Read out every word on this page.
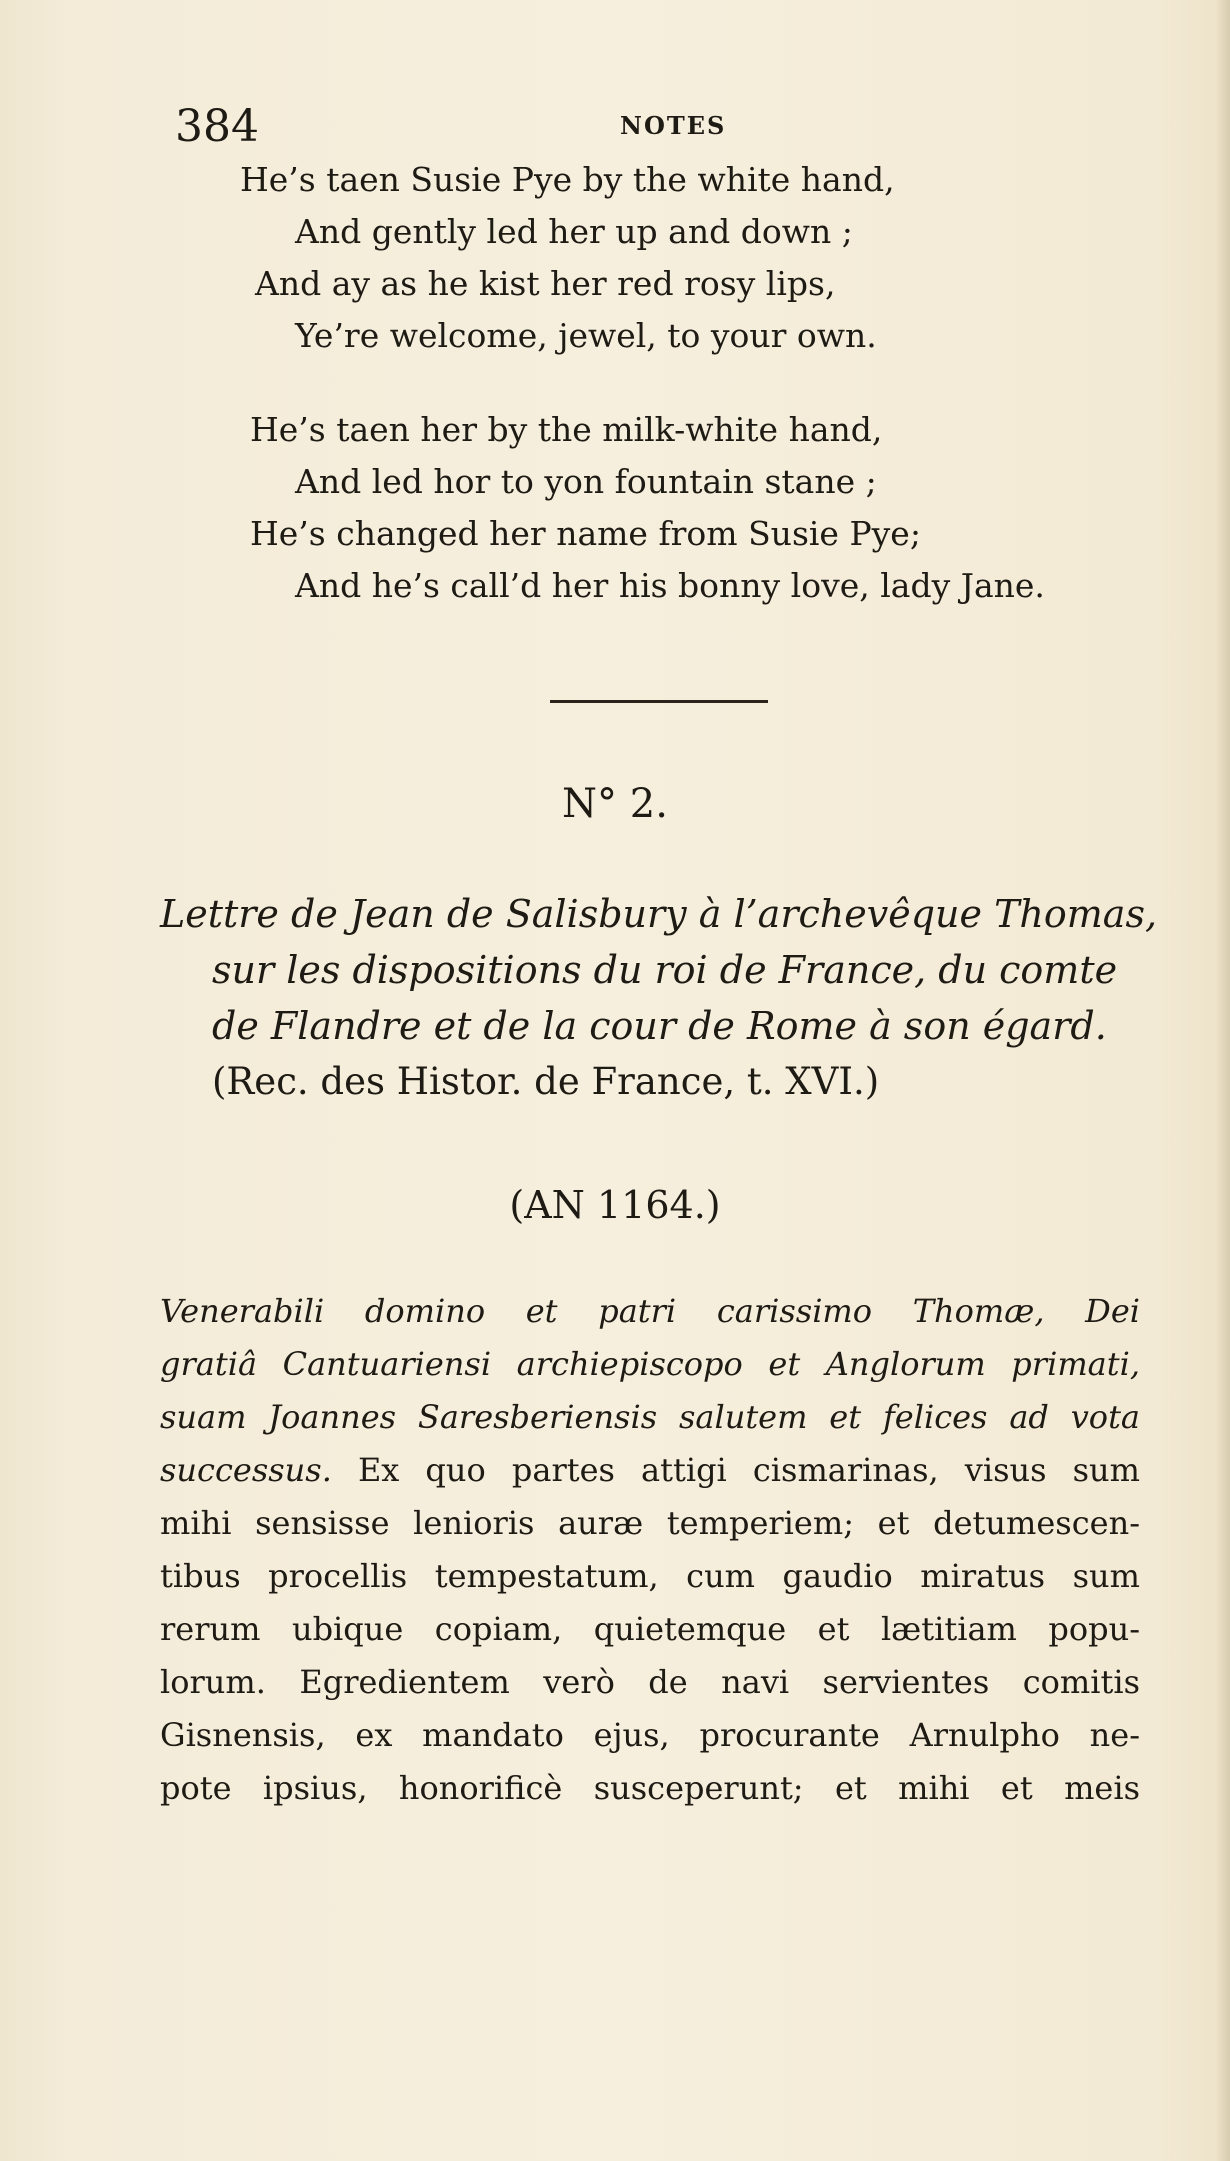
384	NOTES
He’s taen Susie Pye by the white hand,
And gently led her up and down ;
And ay as he kist her red rosy lips,
Ye’re welcome, jewel, to your own.
He’s taen her by the milk-white hand,
And led hor to yon fountain stane ;
He’s changed her name from Susie Pye;
And he’s call’d her his bonny love, lady Jane.
N° 2.
Lettre de Jean de Salisbury à l’archevêque Thomas,
sur les dispositions du roi de France, du comte
de Flandre et de la cour de Rome à son égard.
(Rec. des Histor. de France, t. XVI.)
(AN 1164.)
Venerabili domino et patri carissimo Thomæ, Dei
gratiâ Cantuariensi archiepiscopo et Anglorum primati,
suam Joannes Saresberiensis salutem et felices ad vota
successus. Ex quo partes attigi cismarinas, visus sum
mihi sensisse lenioris auræ temperiem; et detumescen-
tibus procellis tempestatum, cum gaudio miratus sum
rerum ubique copiam, quietemque et lætitiam popu-
lorum. Egredientem verò de navi servientes comitis
Gisnensis, ex mandato ejus, procurante Arnulpho ne-
pote ipsius, honorificè susceperunt; et mihi et meis
